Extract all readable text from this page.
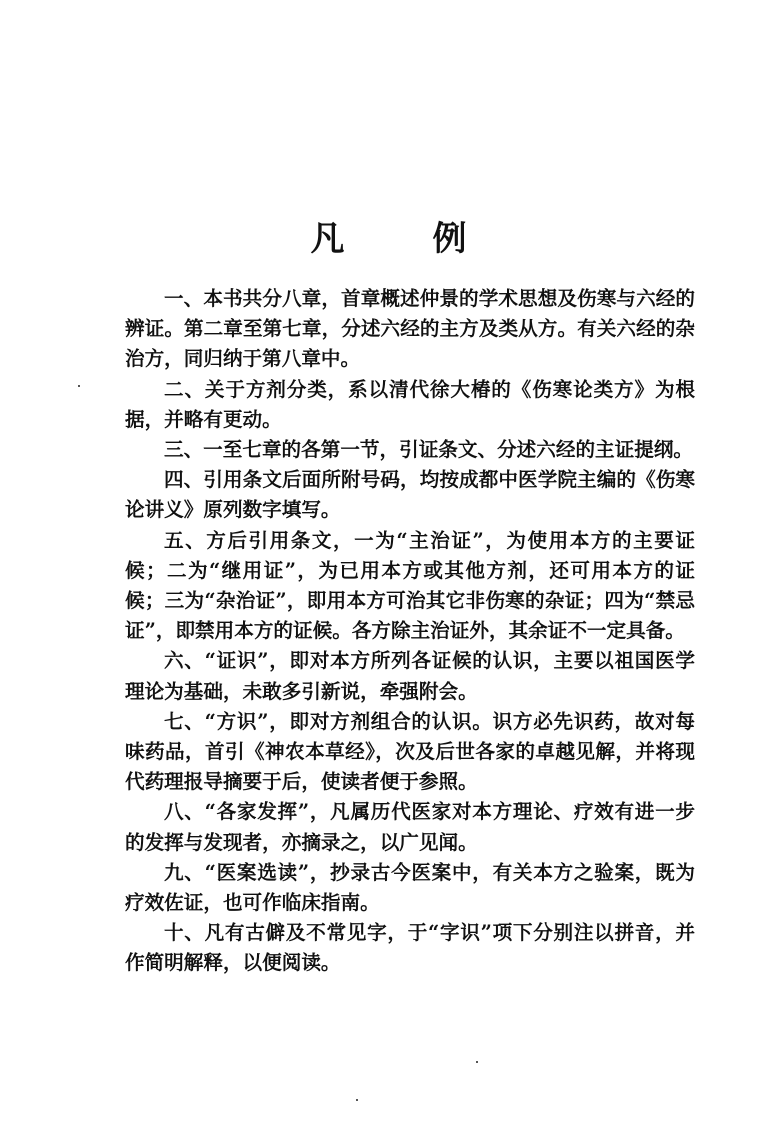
凡	例

一、本书共分八章，首章概述仲景的学术思想及伤寒与六经的辨证。第二章至第七章，分述六经的主方及类从方。有关六经的杂治方，同归纳于第八章中。

二、关于方剂分类，系以清代徐大椿的《伤寒论类方》为根据，并略有更动。

三、一至七章的各第一节，引证条文、分述六经的主证提纲。

四、引用条文后面所附号码，均按成都中医学院主编的《伤寒论讲义》原列数字填写。

五、方后引用条文，一为“主治证”，为使用本方的主要证候；二为“继用证”，为已用本方或其他方剂，还可用本方的证候；三为“杂治证”，即用本方可治其它非伤寒的杂证；四为“禁忌证”，即禁用本方的证候。各方除主治证外，其余证不一定具备。

六、“证识”，即对本方所列各证候的认识，主要以祖国医学理论为基础，未敢多引新说，牵强附会。

七、“方识”，即对方剂组合的认识。识方必先识药，故对每味药品，首引《神农本草经》，次及后世各家的卓越见解，并将现代药理报导摘要于后，使读者便于参照。

八、“各家发挥”，凡属历代医家对本方理论、疗效有进一步的发挥与发现者，亦摘录之，以广见闻。

九、“医案选读”，抄录古今医案中，有关本方之验案，既为疗效佐证，也可作临床指南。

十、凡有古僻及不常见字，于“字识”项下分别注以拼音，并作简明解释，以便阅读。
